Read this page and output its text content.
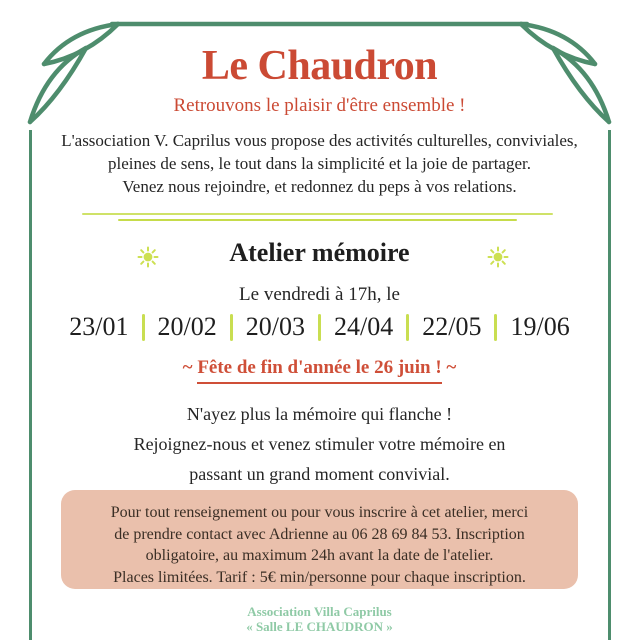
Le Chaudron
Retrouvons le plaisir d'être ensemble !
L'association V. Caprilus vous propose des activités culturelles, conviviales,
pleines de sens, le tout dans la simplicité et la joie de partager.
Venez nous rejoindre, et redonnez du peps à vos relations.
Atelier mémoire
Le vendredi à 17h, le
23/01 20/02 20/03 24/04 22/05 19/06
~ Fête de fin d'année le 26 juin ! ~
N'ayez plus la mémoire qui flanche !
Rejoignez-nous et venez stimuler votre mémoire en
passant un grand moment convivial.
Pour tout renseignement ou pour vous inscrire à cet atelier, merci
de prendre contact avec Adrienne au 06 28 69 84 53. Inscription
obligatoire, au maximum 24h avant la date de l'atelier.
Places limitées. Tarif : 5€ min/personne pour chaque inscription.
Association Villa Caprilus
« Salle LE CHAUDRON »
